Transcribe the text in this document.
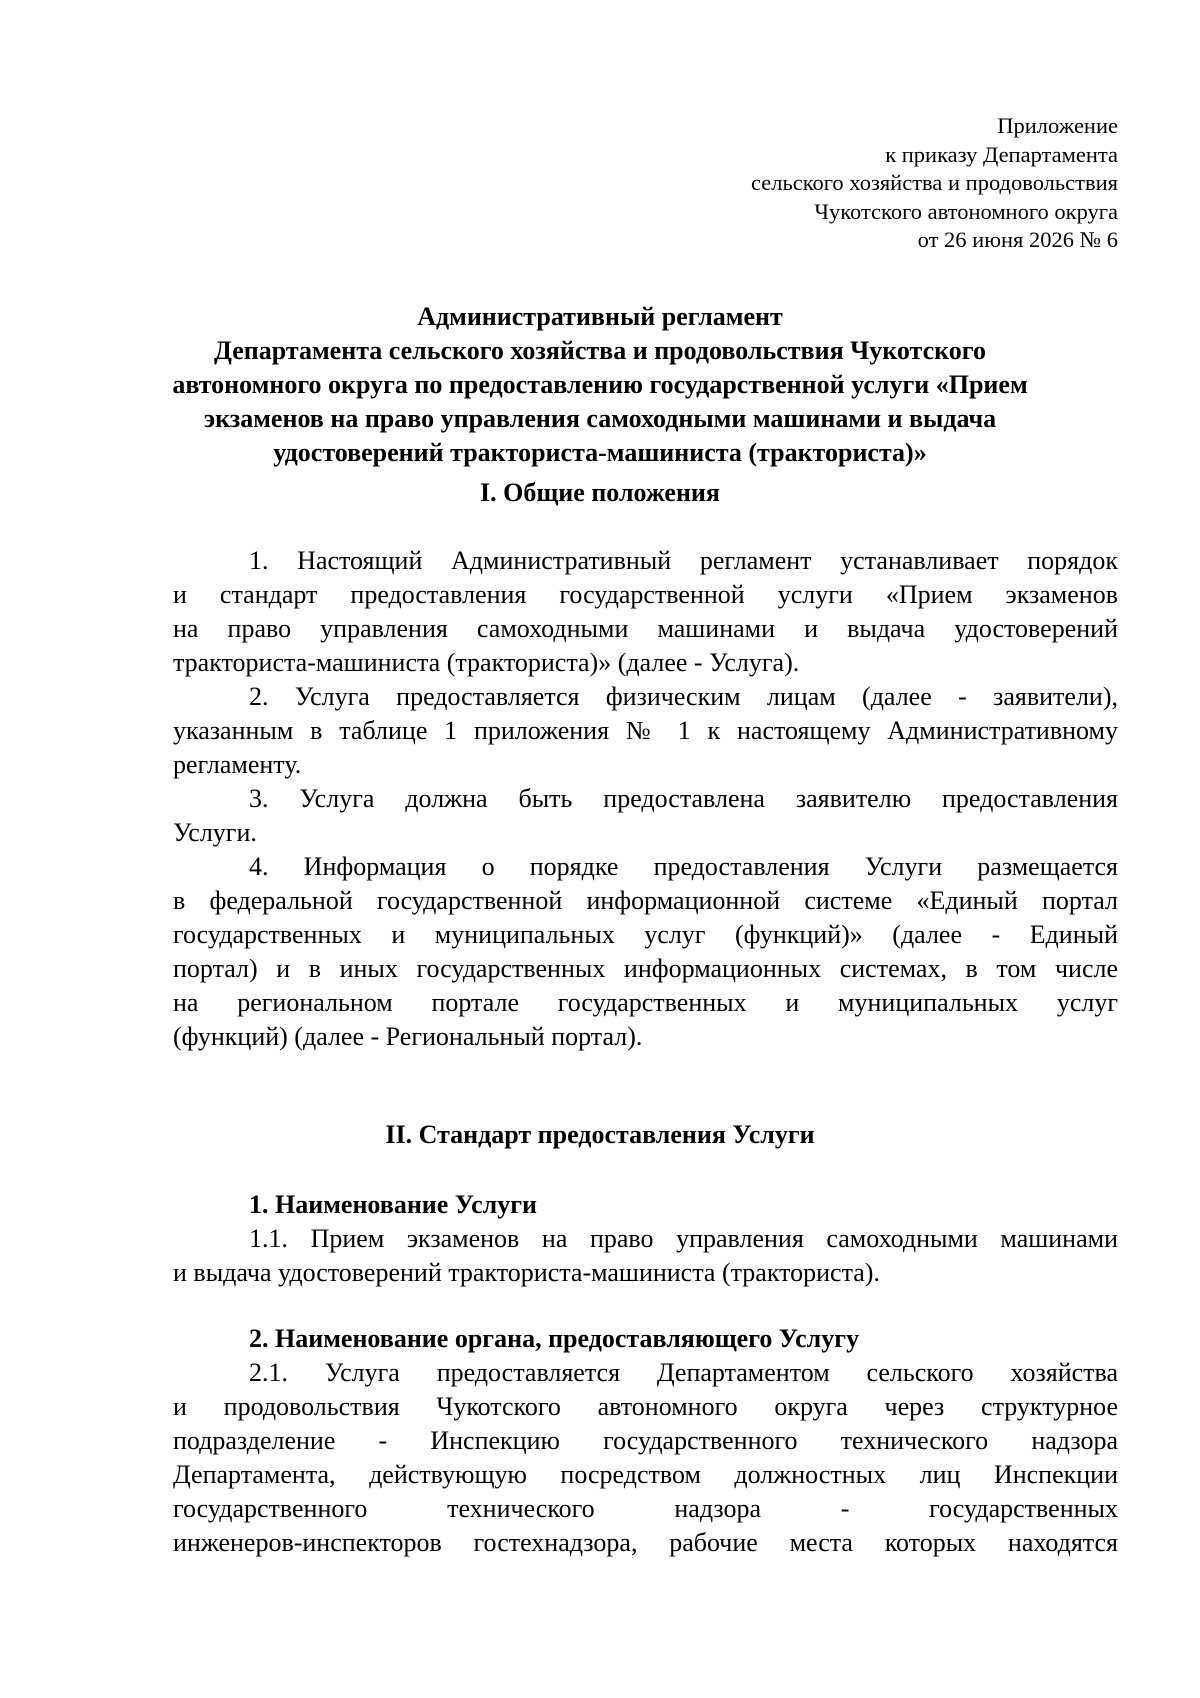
Приложение
к приказу Департамента
сельского хозяйства и продовольствия
Чукотского автономного округа
от 26 июня 2026 № 6
Административный регламент
Департамента сельского хозяйства и продовольствия Чукотского
автономного округа по предоставлению государственной услуги «Прием
экзаменов на право управления самоходными машинами и выдача
удостоверений тракториста-машиниста (тракториста)»
I. Общие положения
1. Настоящий Административный регламент устанавливает порядок
и стандарт предоставления государственной услуги «Прием экзаменов
на право управления самоходными машинами и выдача удостоверений
тракториста-машиниста (тракториста)» (далее - Услуга).
2. Услуга предоставляется физическим лицам (далее - заявители),
указанным в таблице 1 приложения № 1 к настоящему Административному
регламенту.
3. Услуга должна быть предоставлена заявителю предоставления
Услуги.
4. Информация о порядке предоставления Услуги размещается
в федеральной государственной информационной системе «Единый портал
государственных и муниципальных услуг (функций)» (далее - Единый
портал) и в иных государственных информационных системах, в том числе
на региональном портале государственных и муниципальных услуг
(функций) (далее - Региональный портал).
II. Стандарт предоставления Услуги
1. Наименование Услуги
1.1. Прием экзаменов на право управления самоходными машинами
и выдача удостоверений тракториста-машиниста (тракториста).
2. Наименование органа, предоставляющего Услугу
2.1. Услуга предоставляется Департаментом сельского хозяйства
и продовольствия Чукотского автономного округа через структурное
подразделение - Инспекцию государственного технического надзора
Департамента, действующую посредством должностных лиц Инспекции
государственного технического надзора - государственных
инженеров-инспекторов гостехнадзора, рабочие места которых находятся
